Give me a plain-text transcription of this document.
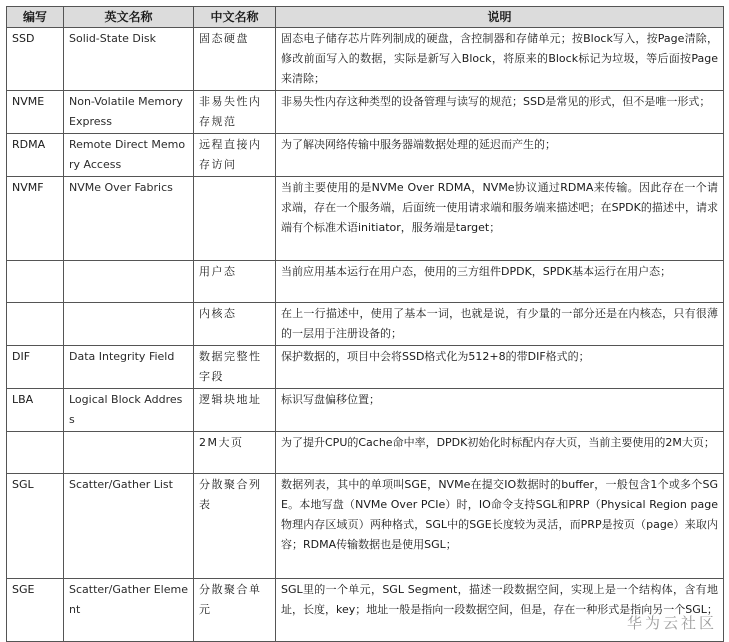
编写	英文名称	中文名称	说明
SSD	Solid-State Disk	固态硬盘	固态电子储存芯片阵列制成的硬盘，含控制器和存储单元；按Block写入，按Page清除，修改前面写入的数据，实际是新写入Block，将原来的Block标记为垃圾，等后面按Page来清除；
NVME	Non-Volatile Memory Express	非易失性内存规范	非易失性内存这种类型的设备管理与读写的规范；SSD是常见的形式，但不是唯一形式；
RDMA	Remote Direct Memory Access	远程直接内存访问	为了解决网络传输中服务器端数据处理的延迟而产生的；
NVMF	NVMe Over Fabrics		当前主要使用的是NVMe Over RDMA，NVMe协议通过RDMA来传输。因此存在一个请求端，存在一个服务端，后面统一使用请求端和服务端来描述吧；在SPDK的描述中，请求端有个标准术语initiator，服务端是target；
		用户态	当前应用基本运行在用户态，使用的三方组件DPDK，SPDK基本运行在用户态；
		内核态	在上一行描述中，使用了基本一词，也就是说，有少量的一部分还是在内核态，只有很薄的一层用于注册设备的；
DIF	Data Integrity Field	数据完整性字段	保护数据的，项目中会将SSD格式化为512+8的带DIF格式的；
LBA	Logical Block Address	逻辑块地址	标识写盘偏移位置；
		2M大页	为了提升CPU的Cache命中率，DPDK初始化时标配内存大页，当前主要使用的2M大页；
SGL	Scatter/Gather List	分散聚合列表	数据列表，其中的单项叫SGE，NVMe在提交IO数据时的buffer，一般包含1个或多个SGE。本地写盘（NVMe Over PCIe）时，IO命令支持SGL和PRP（Physical Region page 物理内存区域页）两种格式，SGL中的SGE长度较为灵活，而PRP是按页（page）来取内容；RDMA传输数据也是使用SGL；
SGE	Scatter/Gather Element	分散聚合单元	SGL里的一个单元，SGL Segment，描述一段数据空间，实现上是一个结构体，含有地址，长度，key；地址一般是指向一段数据空间，但是，存在一种形式是指向另一个SGL；
华为云社区
